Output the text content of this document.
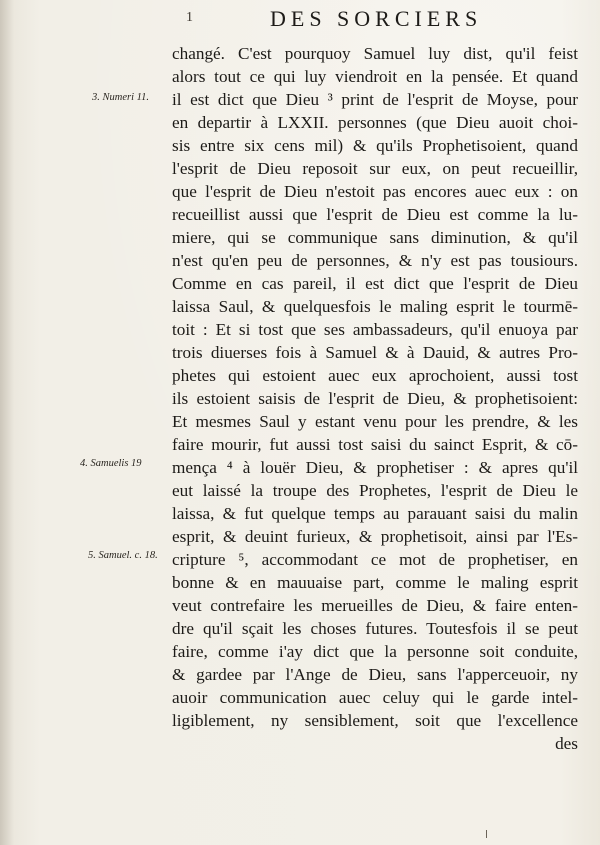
1	DES SORCIERS
3. Numeri 11.
4. Samuelis 19
5. Samuel. c. 18.
changé. C'est pourquoy Samuel luy dist, qu'il feist
alors tout ce qui luy viendroit en la pensée. Et quand
il est dict que Dieu ³ print de l'esprit de Moyse, pour
en departir à LXXII. personnes (que Dieu auoit choi-
sis entre six cens mil) & qu'ils Prophetisoient, quand
l'esprit de Dieu reposoit sur eux, on peut recueillir,
que l'esprit de Dieu n'estoit pas encores auec eux : on
recueillist aussi que l'esprit de Dieu est comme la lu-
miere, qui se communique sans diminution, & qu'il
n'est qu'en peu de personnes, & n'y est pas tousiours.
Comme en cas pareil, il est dict que l'esprit de Dieu
laissa Saul, & quelquesfois le maling esprit le tourmē-
toit : Et si tost que ses ambassadeurs, qu'il enuoya par
trois diuerses fois à Samuel & à Dauid, & autres Pro-
phetes qui estoient auec eux aprochoient, aussi tost
ils estoient saisis de l'esprit de Dieu, & prophetisoient:
Et mesmes Saul y estant venu pour les prendre, & les
faire mourir, fut aussi tost saisi du sainct Esprit, & cō-
mença ⁴ à louër Dieu, & prophetiser : & apres qu'il
eut laissé la troupe des Prophetes, l'esprit de Dieu le
laissa, & fut quelque temps au parauant saisi du malin
esprit, & deuint furieux, & prophetisoit, ainsi par l'Es-
cripture ⁵, accommodant ce mot de prophetiser, en
bonne & en mauuaise part, comme le maling esprit
veut contrefaire les merueilles de Dieu, & faire enten-
dre qu'il sçait les choses futures. Toutesfois il se peut
faire, comme i'ay dict que la personne soit conduite,
& gardee par l'Ange de Dieu, sans l'apperceuoir, ny
auoir communication auec celuy qui le garde intel-
ligiblement, ny sensiblement, soit que l'excellence
des
